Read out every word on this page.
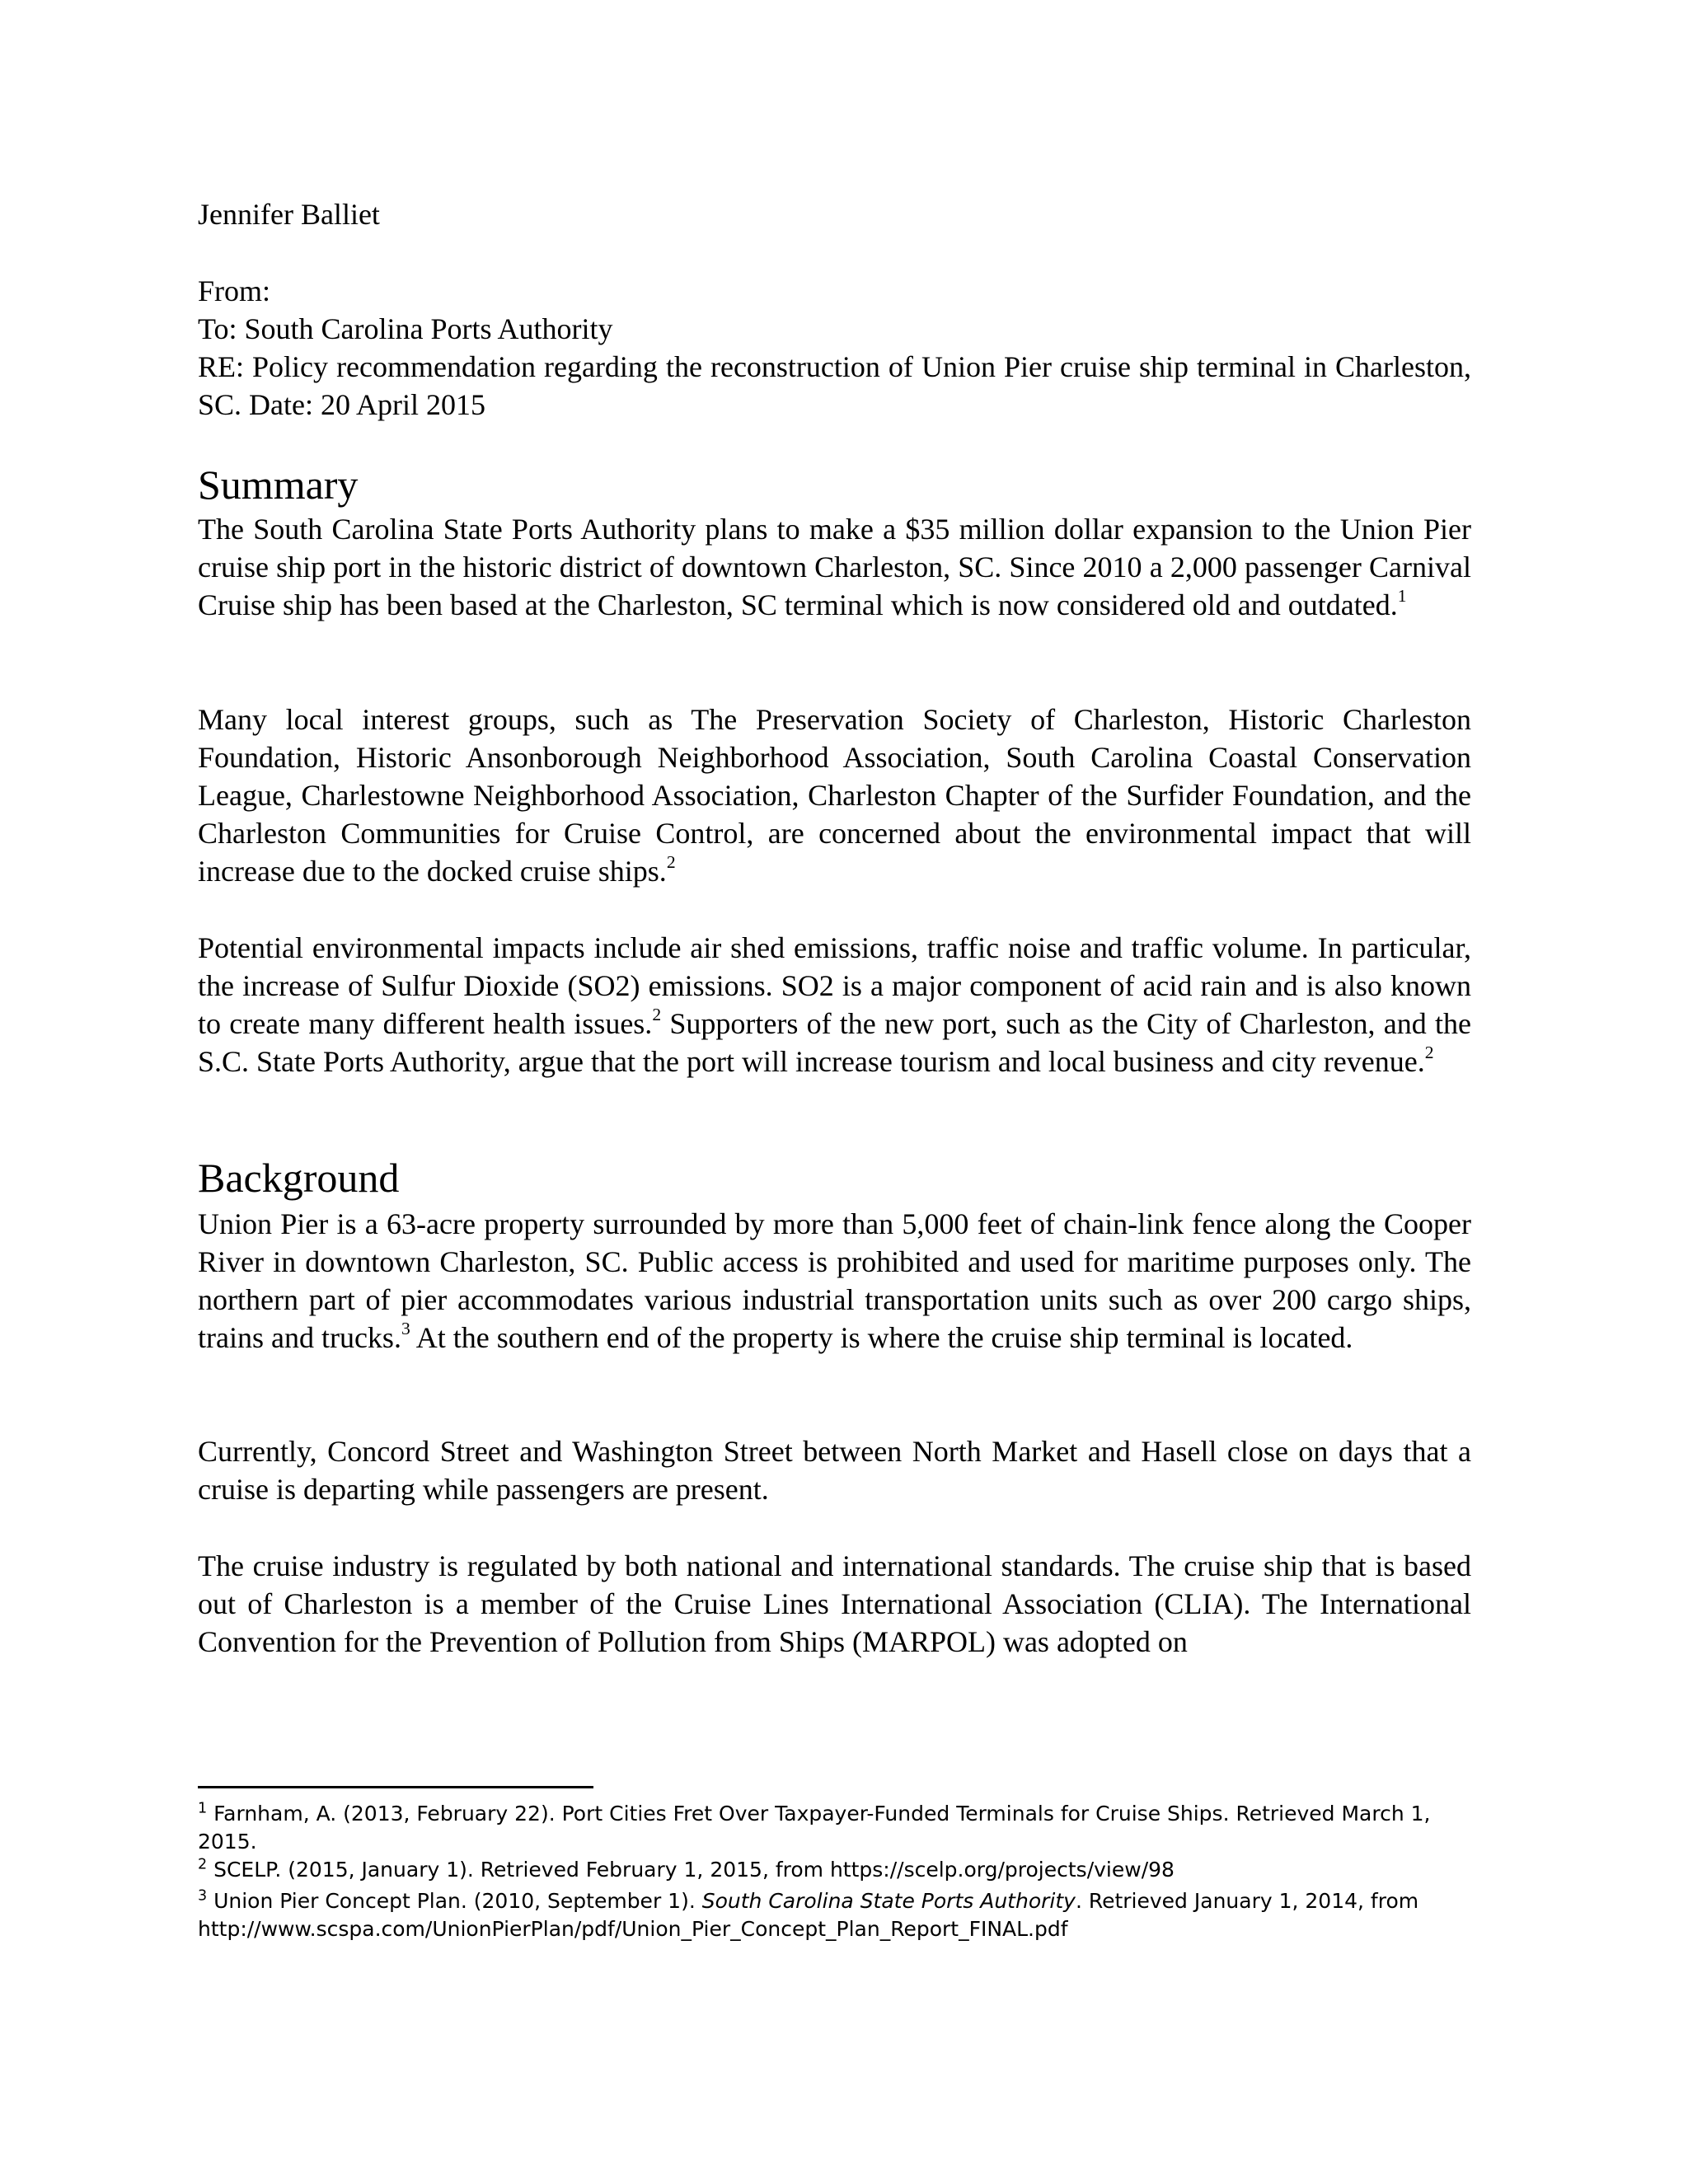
Jennifer Balliet

From:

To: South Carolina Ports Authority

RE: Policy recommendation regarding the reconstruction of Union Pier cruise ship terminal in Charleston, SC. Date: 20 April 2015

Summary

The South Carolina State Ports Authority plans to make a $35 million dollar expansion to the Union Pier cruise ship port in the historic district of downtown Charleston, SC. Since 2010 a 2,000 passenger Carnival Cruise ship has been based at the Charleston, SC terminal which is now considered old and outdated.$^1$

Many local interest groups, such as The Preservation Society of Charleston, Historic Charleston Foundation, Historic Ansonborough Neighborhood Association, South Carolina Coastal Conservation League, Charlestowne Neighborhood Association, Charleston Chapter of the Surfider Foundation, and the Charleston Communities for Cruise Control, are concerned about the environmental impact that will increase due to the docked cruise ships.$^2$

Potential environmental impacts include air shed emissions, traffic noise and traffic volume. In particular, the increase of Sulfur Dioxide (SO2) emissions. SO2 is a major component of acid rain and is also known to create many different health issues.$^2$ Supporters of the new port, such as the City of Charleston, and the S.C. State Ports Authority, argue that the port will increase tourism and local business and city revenue.$^2$

Background

Union Pier is a 63-acre property surrounded by more than 5,000 feet of chain-link fence along the Cooper River in downtown Charleston, SC. Public access is prohibited and used for maritime purposes only. The northern part of pier accommodates various industrial transportation units such as over 200 cargo ships, trains and trucks.$^3$ At the southern end of the property is where the cruise ship terminal is located.

Currently, Concord Street and Washington Street between North Market and Hasell close on days that a cruise is departing while passengers are present.

The cruise industry is regulated by both national and international standards. The cruise ship that is based out of Charleston is a member of the Cruise Lines International Association (CLIA). The International Convention for the Prevention of Pollution from Ships (MARPOL) was adopted on

$^1$ Farnham, A. (2013, February 22). Port Cities Fret Over Taxpayer-Funded Terminals for Cruise Ships. Retrieved March 1, 2015.

$^2$ SCELP. (2015, January 1). Retrieved February 1, 2015, from https://scelp.org/projects/view/98

$^3$ Union Pier Concept Plan. (2010, September 1). South Carolina State Ports Authority. Retrieved January 1, 2014, from http://www.scspa.com/UnionPierPlan/pdf/Union_Pier_Concept_Plan_Report_FINAL.pdf
